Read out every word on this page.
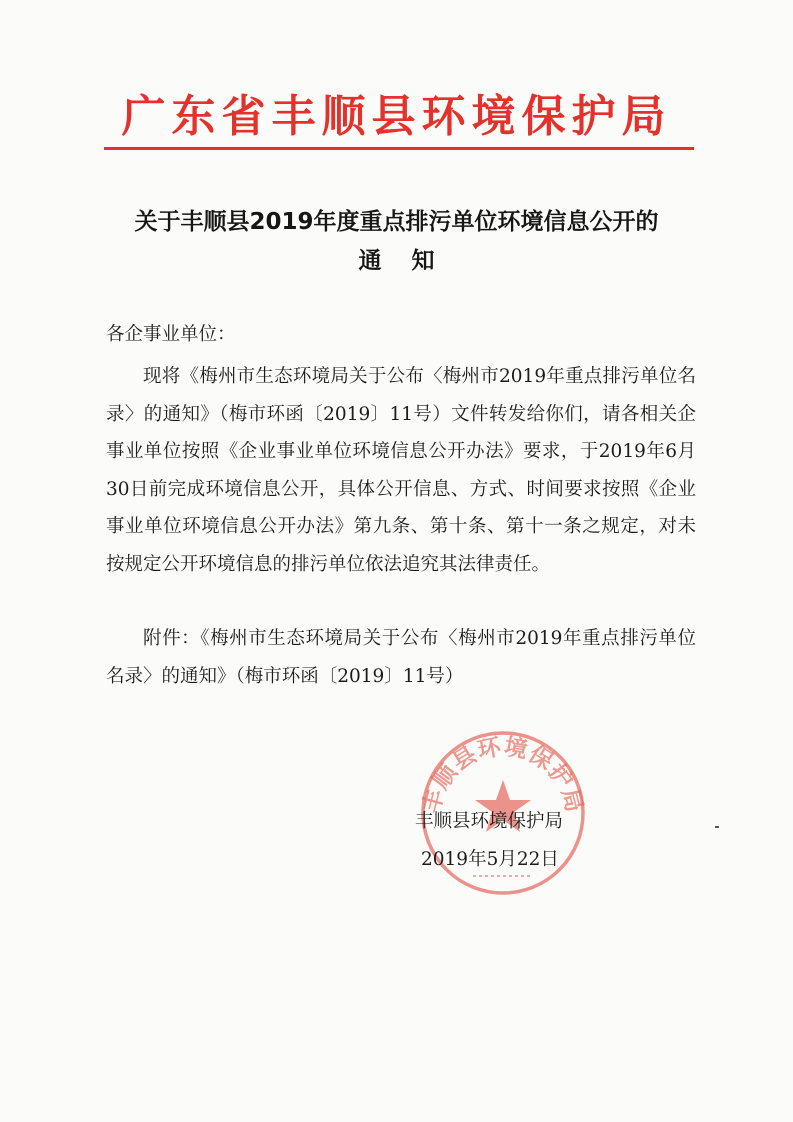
广东省丰顺县环境保护局
关于丰顺县2019年度重点排污单位环境信息公开的
通知
各企事业单位：

现将《梅州市生态环境局关于公布〈梅州市2019年重点排污单位名录〉的通知》（梅市环函〔2019〕11号）文件转发给你们，请各相关企事业单位按照《企业事业单位环境信息公开办法》要求，于2019年6月30日前完成环境信息公开，具体公开信息、方式、时间要求按照《企业事业单位环境信息公开办法》第九条、第十条、第十一条之规定，对未按规定公开环境信息的排污单位依法追究其法律责任。

附件：《梅州市生态环境局关于公布〈梅州市2019年重点排污单位名录〉的通知》（梅市环函〔2019〕11号）

丰顺县环境保护局
丰顺县环境保护局
2019年5月22日
